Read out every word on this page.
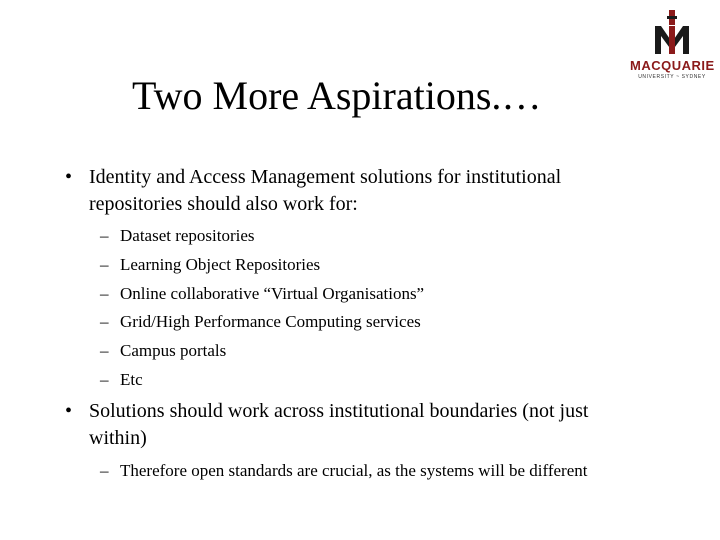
Two More Aspirations.…
MACQUARIE
UNIVERSITY ~ SYDNEY
• Identity and Access Management solutions for institutional repositories should also work for:
– Dataset repositories
– Learning Object Repositories
– Online collaborative “Virtual Organisations”
– Grid/High Performance Computing services
– Campus portals
– Etc
• Solutions should work across institutional boundaries (not just within)
– Therefore open standards are crucial, as the systems will be different
